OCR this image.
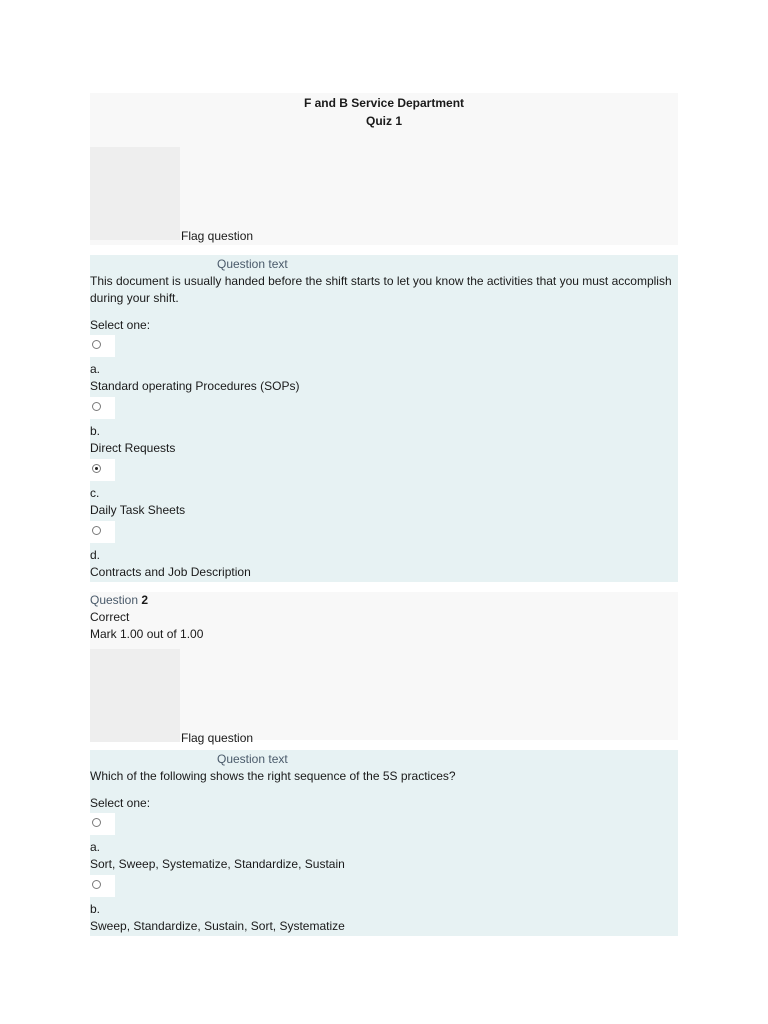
F and B Service Department
Quiz 1
Flag question
Question text
This document is usually handed before the shift starts to let you know the activities that you must accomplish during your shift.
Select one:
a.
Standard operating Procedures (SOPs)
b.
Direct Requests
c.
Daily Task Sheets
d.
Contracts and Job Description
Question 2
Correct
Mark 1.00 out of 1.00
Flag question
Question text
Which of the following shows the right sequence of the 5S practices?
Select one:
a.
Sort, Sweep, Systematize, Standardize, Sustain
b.
Sweep, Standardize, Sustain, Sort, Systematize
